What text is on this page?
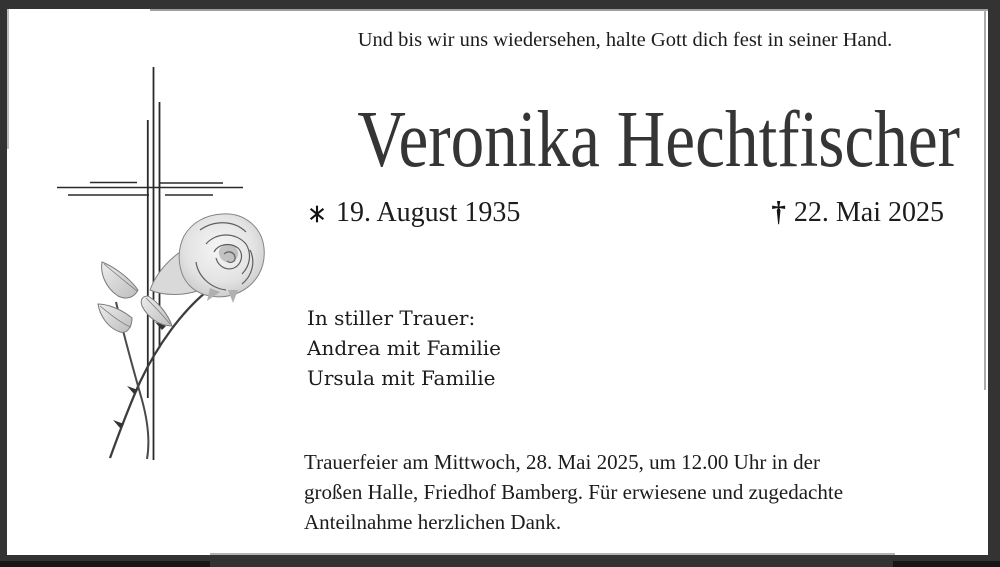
Und bis wir uns wiedersehen, halte Gott dich fest in seiner Hand.
Veronika Hechtfischer
19. August 1935	† 22. Mai 2025
In stiller Trauer:
Andrea mit Familie
Ursula mit Familie
Trauerfeier am Mittwoch, 28. Mai 2025, um 12.00 Uhr in der
großen Halle, Friedhof Bamberg. Für erwiesene und zugedachte
Anteilnahme herzlichen Dank.
